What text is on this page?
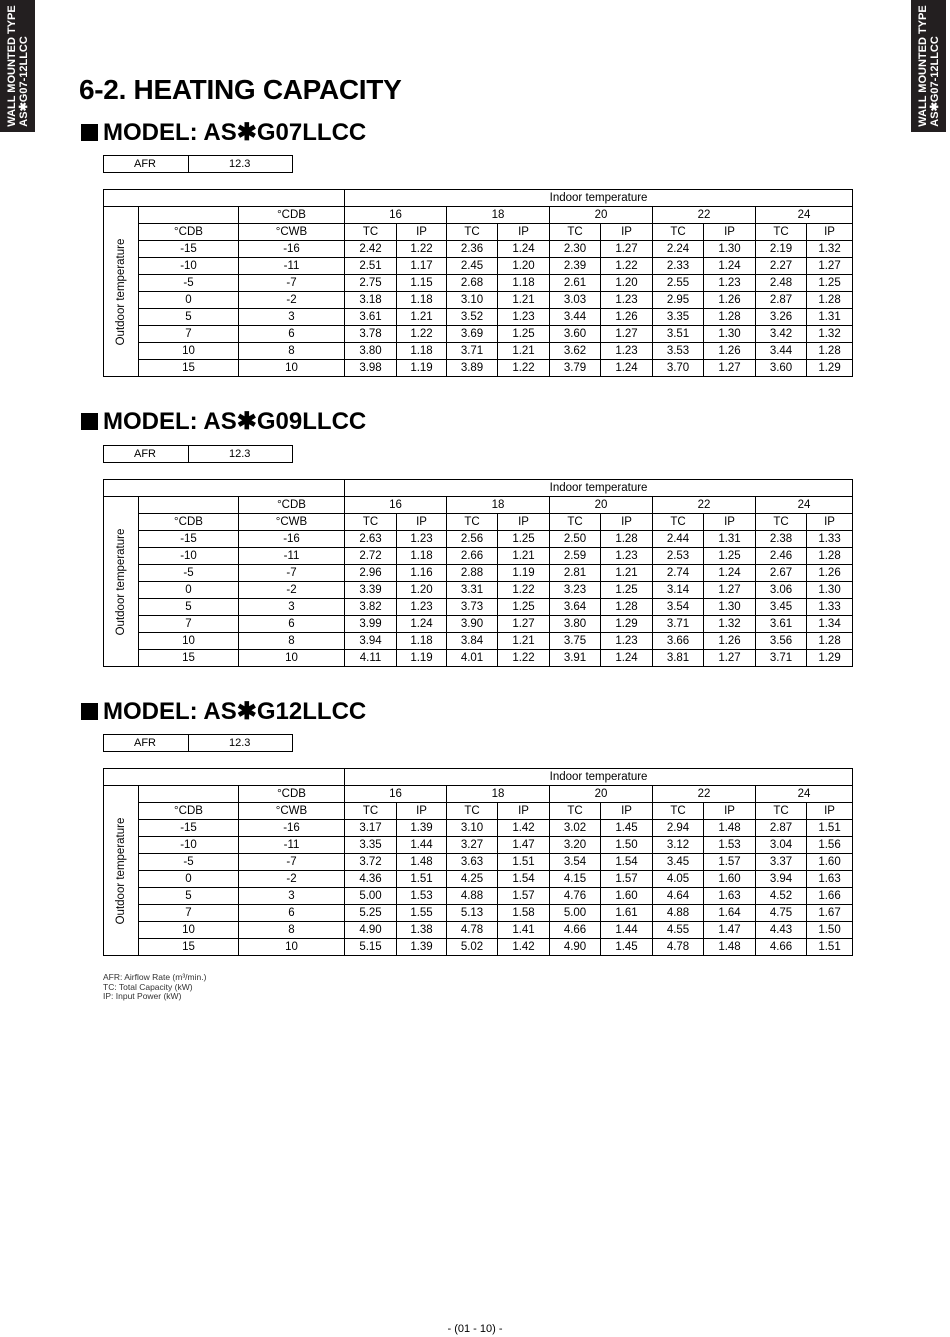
WALL MOUNTED TYPE AS✱G07-12LLCC	WALL MOUNTED TYPE AS✱G07-12LLCC
6-2. HEATING CAPACITY
MODEL: AS✱G07LLCC
AFR	12.3
			Indoor temperature									

Outdoor temperature		°CDB	16		18		20		22		24	
	°CDB	°CWB	TC	IP	TC	IP	TC	IP	TC	IP	TC	IP
	-15	-16	2.42	1.22	2.36	1.24	2.30	1.27	2.24	1.30	2.19	1.32
	-10	-11	2.51	1.17	2.45	1.20	2.39	1.22	2.33	1.24	2.27	1.27
	-5	-7	2.75	1.15	2.68	1.18	2.61	1.20	2.55	1.23	2.48	1.25
	0	-2	3.18	1.18	3.10	1.21	3.03	1.23	2.95	1.26	2.87	1.28
	5	3	3.61	1.21	3.52	1.23	3.44	1.26	3.35	1.28	3.26	1.31
	7	6	3.78	1.22	3.69	1.25	3.60	1.27	3.51	1.30	3.42	1.32
	10	8	3.80	1.18	3.71	1.21	3.62	1.23	3.53	1.26	3.44	1.28
	15	10	3.98	1.19	3.89	1.22	3.79	1.24	3.70	1.27	3.60	1.29
MODEL: AS✱G09LLCC
AFR	12.3
			Indoor temperature									

Outdoor temperature		°CDB	16		18		20		22		24	
	°CDB	°CWB	TC	IP	TC	IP	TC	IP	TC	IP	TC	IP
	-15	-16	2.63	1.23	2.56	1.25	2.50	1.28	2.44	1.31	2.38	1.33
	-10	-11	2.72	1.18	2.66	1.21	2.59	1.23	2.53	1.25	2.46	1.28
	-5	-7	2.96	1.16	2.88	1.19	2.81	1.21	2.74	1.24	2.67	1.26
	0	-2	3.39	1.20	3.31	1.22	3.23	1.25	3.14	1.27	3.06	1.30
	5	3	3.82	1.23	3.73	1.25	3.64	1.28	3.54	1.30	3.45	1.33
	7	6	3.99	1.24	3.90	1.27	3.80	1.29	3.71	1.32	3.61	1.34
	10	8	3.94	1.18	3.84	1.21	3.75	1.23	3.66	1.26	3.56	1.28
	15	10	4.11	1.19	4.01	1.22	3.91	1.24	3.81	1.27	3.71	1.29
MODEL: AS✱G12LLCC
AFR	12.3
			Indoor temperature									

Outdoor temperature		°CDB	16		18		20		22		24	
	°CDB	°CWB	TC	IP	TC	IP	TC	IP	TC	IP	TC	IP
	-15	-16	3.17	1.39	3.10	1.42	3.02	1.45	2.94	1.48	2.87	1.51
	-10	-11	3.35	1.44	3.27	1.47	3.20	1.50	3.12	1.53	3.04	1.56
	-5	-7	3.72	1.48	3.63	1.51	3.54	1.54	3.45	1.57	3.37	1.60
	0	-2	4.36	1.51	4.25	1.54	4.15	1.57	4.05	1.60	3.94	1.63
	5	3	5.00	1.53	4.88	1.57	4.76	1.60	4.64	1.63	4.52	1.66
	7	6	5.25	1.55	5.13	1.58	5.00	1.61	4.88	1.64	4.75	1.67
	10	8	4.90	1.38	4.78	1.41	4.66	1.44	4.55	1.47	4.43	1.50
	15	10	5.15	1.39	5.02	1.42	4.90	1.45	4.78	1.48	4.66	1.51
AFR: Airflow Rate (m³/min.)
TC: Total Capacity (kW)
IP: Input Power (kW)
- (01 - 10) -
